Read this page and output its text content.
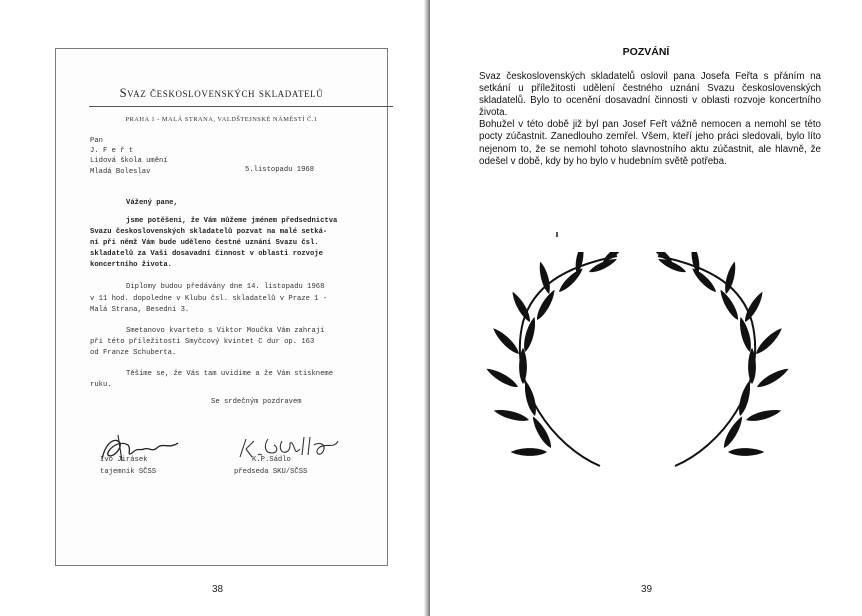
Svaz československých skladatelů
PRAHA 1 - MALÁ STRANA, VALDŠTEJNSKÉ NÁMĚSTÍ Č.1
Pan
J. F e ř t
Lidová škola umění
Mladá Boleslav	5.listopadu 1968
Vážený pane,
jsme potěšeni, že Vám můžeme jménem předsednictva
Svazu československých skladatelů pozvat na malé setká-
ní při němž Vám bude uděleno čestné uznání Svazu čsl.
skladatelů za Vaši dosavadní činnost v oblasti rozvoje
koncertního života.
Diplomy budou předávány dne 14. listopadu 1968
v 11 hod. dopoledne v Klubu čsl. skladatelů v Praze 1 -
Malá Strana, Besední 3.
Smetanovo kvarteto s Viktor Moučka Vám zahrají
při této příležitosti Smyčcový kvintet C dur op. 163
od Franze Schuberta.
Těšíme se, že Vás tam uvidíme a že Vám stiskneme
ruku.
Se srdečným pozdravem
Ivo Jirásek
tajemník SČSS
K.P.Sádlo
předseda SKU/SČSS
38
POZVÁNÍ

Svaz československých skladatelů oslovil pana Josefa Feřta s přáním na setkání u příležitosti udělení čestného uznání Svazu československých skladatelů. Bylo to ocenění dosavadní činnosti v oblasti rozvoje koncertního života.

Bohužel v této době již byl pan Josef Feřt vážně nemocen a nemohl se této pocty zúčastnit. Zanedlouho zemřel. Všem, kteří jeho práci sledovali, bylo líto nejenom to, že se nemohl tohoto slavnostního aktu zúčastnit, ale hlavně, že odešel v době, kdy by ho bylo v hudebním světě potřeba.

39
